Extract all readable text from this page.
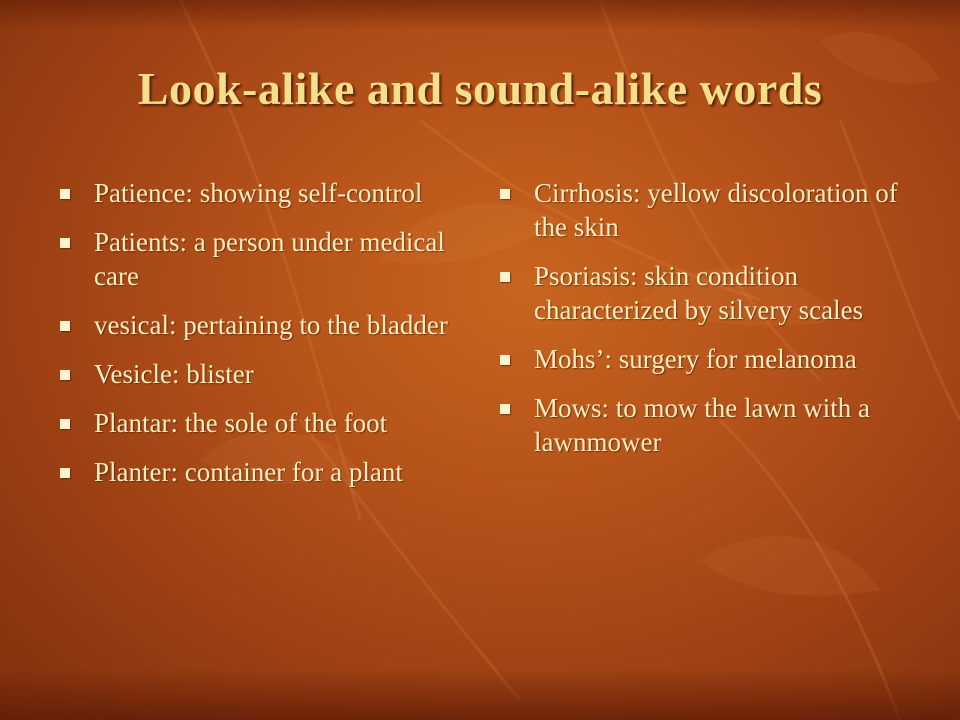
Look-alike and sound-alike words
Patience: showing self-control
Patients: a person under medical care
vesical: pertaining to the bladder
Vesicle: blister
Plantar: the sole of the foot
Planter: container for a plant
Cirrhosis: yellow discoloration of the skin
Psoriasis: skin condition characterized by silvery scales
Mohs’: surgery for melanoma
Mows: to mow the lawn with a lawnmower
